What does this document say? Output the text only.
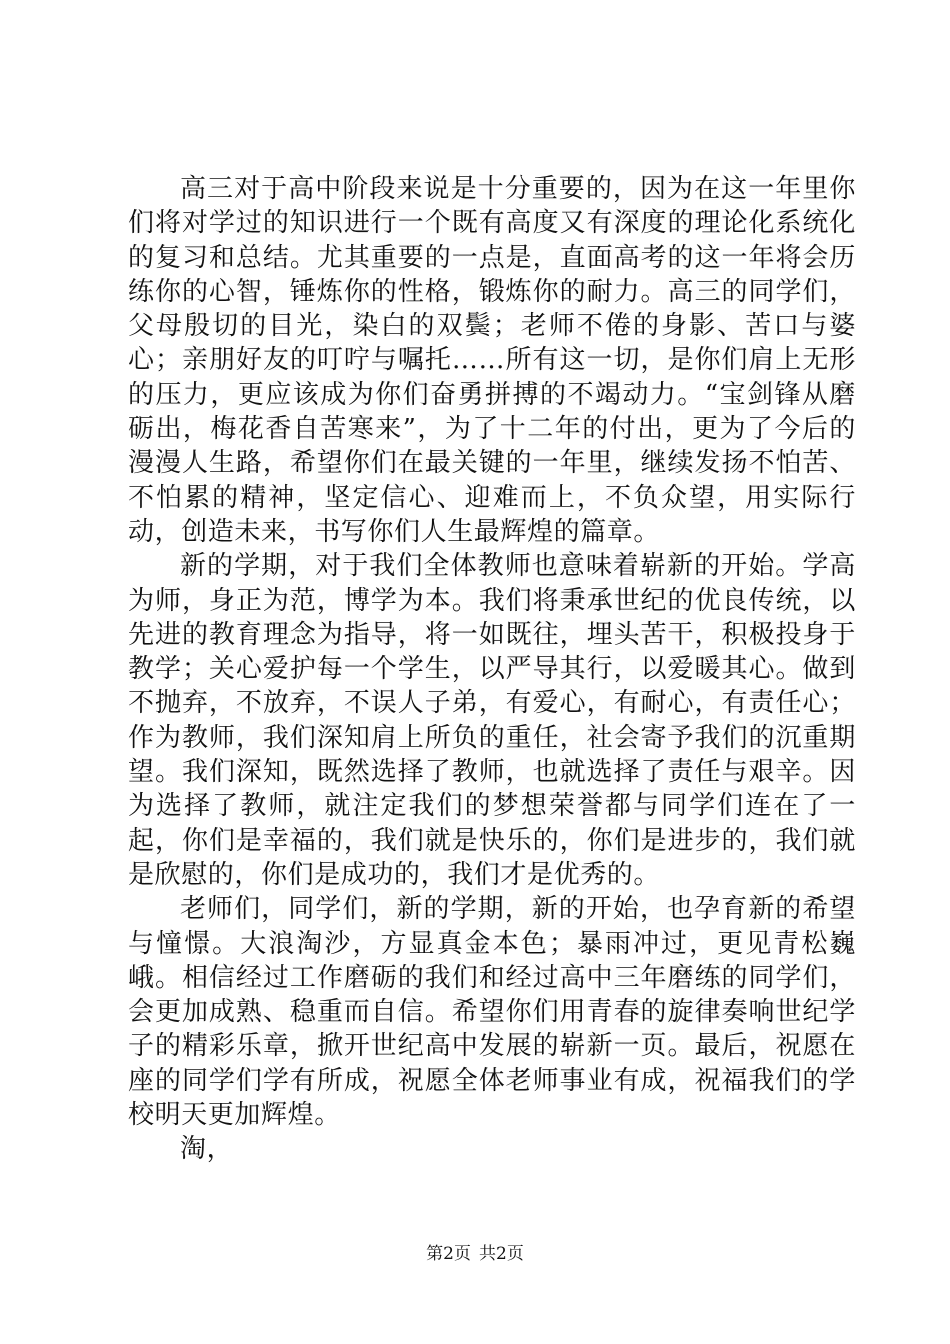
高三对于高中阶段来说是十分重要的，因为在这一年里你们将对学过的知识进行一个既有高度又有深度的理论化系统化的复习和总结。尤其重要的一点是，直面高考的这一年将会历练你的心智，锤炼你的性格，锻炼你的耐力。高三的同学们，父母殷切的目光，染白的双鬓；老师不倦的身影、苦口与婆心；亲朋好友的叮咛与嘱托……所有这一切，是你们肩上无形的压力，更应该成为你们奋勇拼搏的不竭动力。“宝剑锋从磨砺出，梅花香自苦寒来”，为了十二年的付出，更为了今后的漫漫人生路，希望你们在最关键的一年里，继续发扬不怕苦、不怕累的精神，坚定信心、迎难而上，不负众望，用实际行动，创造未来，书写你们人生最辉煌的篇章。

新的学期，对于我们全体教师也意味着崭新的开始。学高为师，身正为范，博学为本。我们将秉承世纪的优良传统，以先进的教育理念为指导，将一如既往，埋头苦干，积极投身于教学；关心爱护每一个学生，以严导其行，以爱暖其心。做到不抛弃，不放弃，不误人子弟，有爱心，有耐心，有责任心；作为教师，我们深知肩上所负的重任，社会寄予我们的沉重期望。我们深知，既然选择了教师，也就选择了责任与艰辛。因为选择了教师，就注定我们的梦想荣誉都与同学们连在了一起，你们是幸福的，我们就是快乐的，你们是进步的，我们就是欣慰的，你们是成功的，我们才是优秀的。

老师们，同学们，新的学期，新的开始，也孕育新的希望与憧憬。大浪淘沙，方显真金本色；暴雨冲过，更见青松巍峨。相信经过工作磨砺的我们和经过高中三年磨练的同学们，会更加成熟、稳重而自信。希望你们用青春的旋律奏响世纪学子的精彩乐章，掀开世纪高中发展的崭新一页。最后，祝愿在座的同学们学有所成，祝愿全体老师事业有成，祝福我们的学校明天更加辉煌。

淘，

第2页 共2页
